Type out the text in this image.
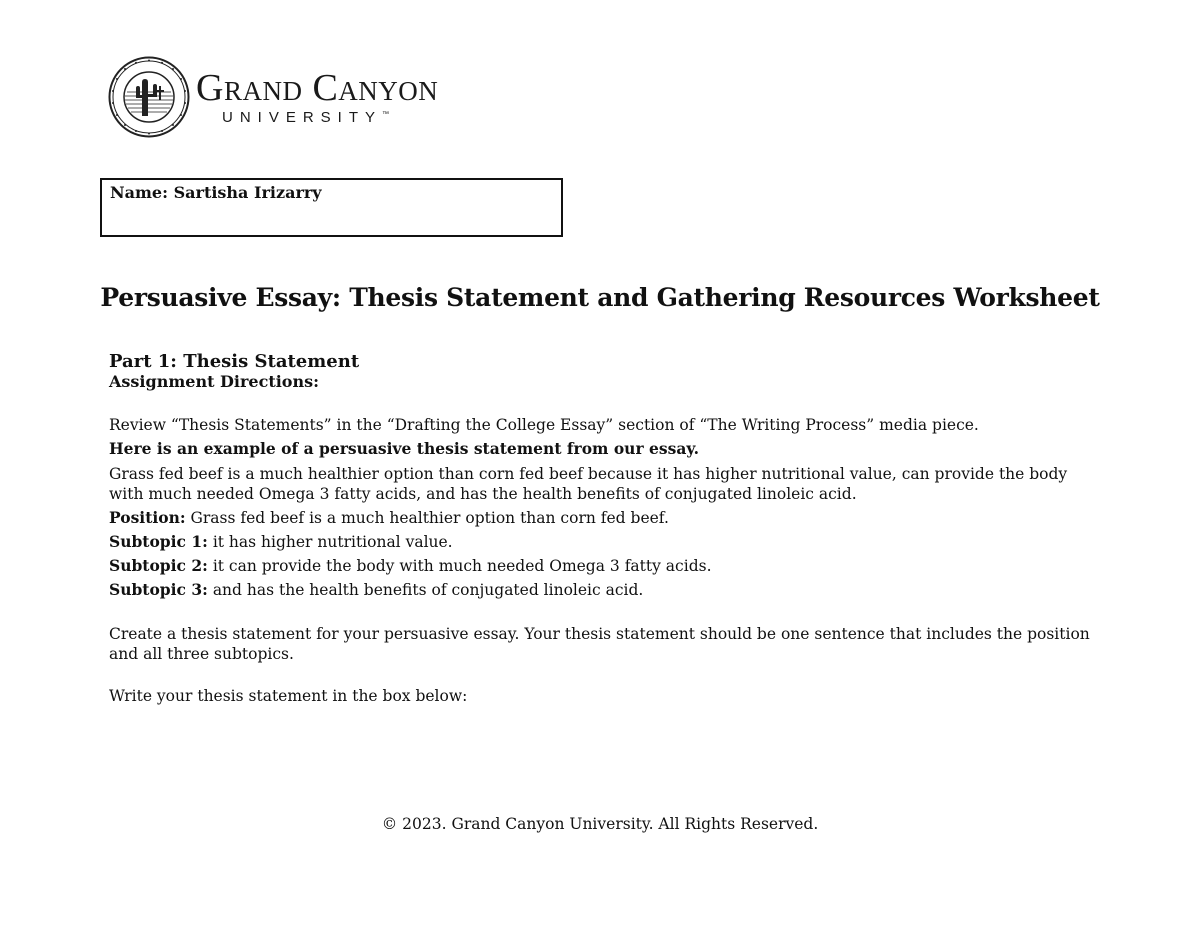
Grand Canyon
UNIVERSITY™
Name: Sartisha Irizarry
Persuasive Essay: Thesis Statement and Gathering Resources Worksheet
Part 1: Thesis Statement
Assignment Directions:

Review “Thesis Statements” in the “Drafting the College Essay” section of “The Writing Process” media piece.

Here is an example of a persuasive thesis statement from our essay.

Grass fed beef is a much healthier option than corn fed beef because it has higher nutritional value, can provide the body with much needed Omega 3 fatty acids, and has the health benefits of conjugated linoleic acid.

Position: Grass fed beef is a much healthier option than corn fed beef.

Subtopic 1: it has higher nutritional value.

Subtopic 2: it can provide the body with much needed Omega 3 fatty acids.

Subtopic 3: and has the health benefits of conjugated linoleic acid.

Create a thesis statement for your persuasive essay. Your thesis statement should be one sentence that includes the position and all three subtopics.

Write your thesis statement in the box below:

© 2023. Grand Canyon University. All Rights Reserved.
